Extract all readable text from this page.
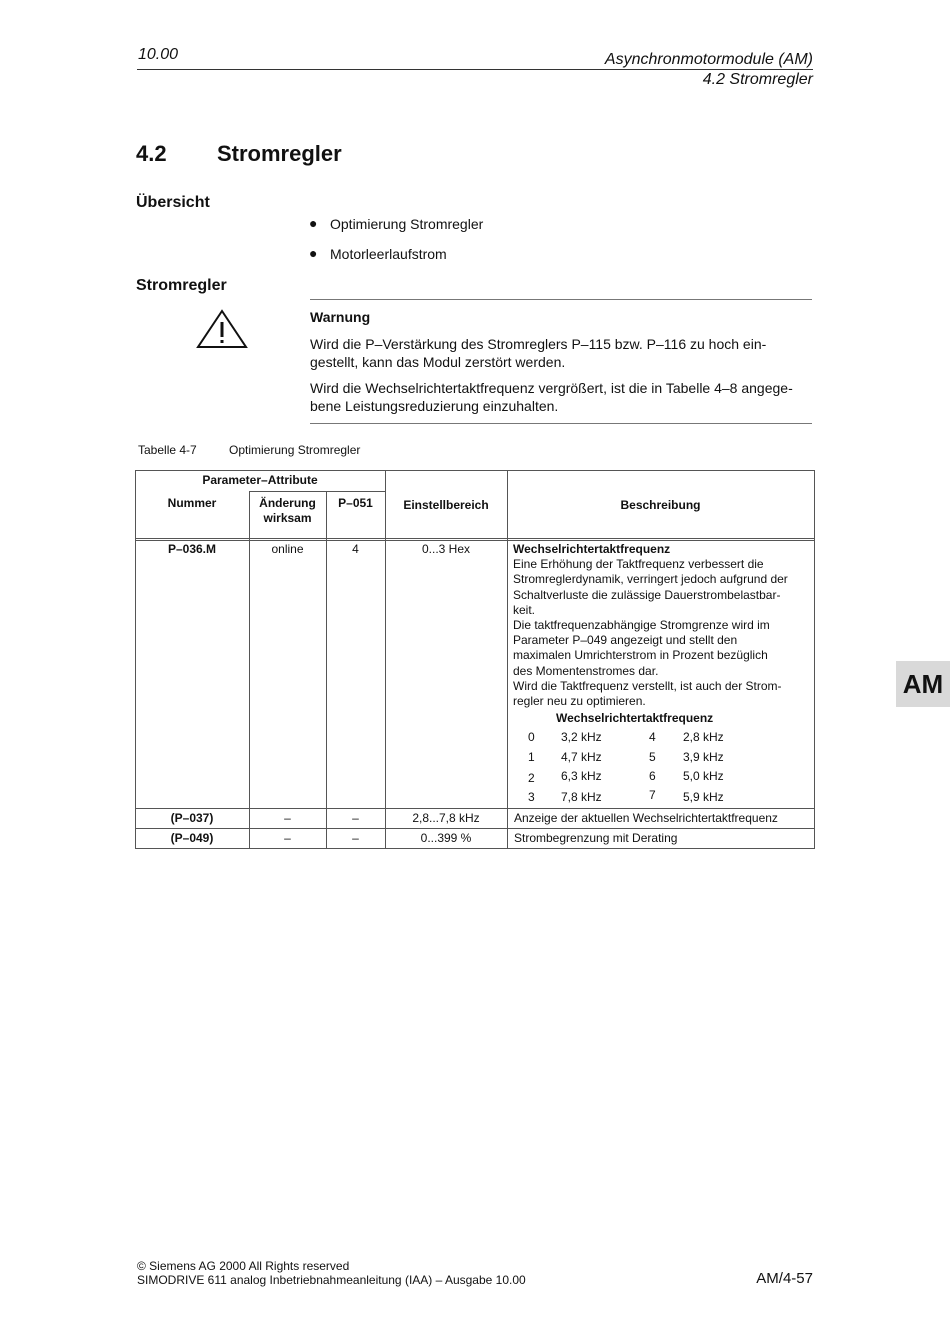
10.00	Asynchronmotormodule (AM)
4.2 Stromregler
4.2 Stromregler
Übersicht
● Optimierung Stromregler
● Motorleerlaufstrom
Stromregler
Warnung
Wird die P–Verstärkung des Stromreglers P–115 bzw. P–116 zu hoch ein-
gestellt, kann das Modul zerstört werden.
Wird die Wechselrichtertaktfrequenz vergrößert, ist die in Tabelle 4–8 angege-
bene Leistungsreduzierung einzuhalten.
Tabelle 4-7	Optimierung Stromregler
Parameter–Attribute
Nummer	Änderung
wirksam
P–051	Einstellbereich	Beschreibung
P–036.M	online	4	0...3 Hex	Wechselrichtertaktfrequenz
Eine Erhöhung der Taktfrequenz verbessert die
Stromreglerdynamik, verringert jedoch aufgrund der
Schaltverluste die zulässige Dauerstrombelastbar-
keit.
Die taktfrequenzabhängige Stromgrenze wird im
Parameter P–049 angezeigt und stellt den
maximalen Umrichterstrom in Prozent bezüglich
des Momentenstromes dar.
Wird die Taktfrequenz verstellt, ist auch der Strom-
regler neu zu optimieren.
Wechselrichtertaktfrequenz
0 3,2 kHz	4 2,8 kHz
1 4,7 kHz	5 3,9 kHz
2 6,3 kHz	6 5,0 kHz
3 7,8 kHz	7 5,9 kHz
(P–037)	–	–	2,8...7,8 kHz	Anzeige der aktuellen Wechselrichtertaktfrequenz
(P–049)	–	–	0...399 %	Strombegrenzung mit Derating
AM
© Siemens AG 2000 All Rights reserved
SIMODRIVE 611 analog Inbetriebnahmeanleitung (IAA) – Ausgabe 10.00	AM/4-57
